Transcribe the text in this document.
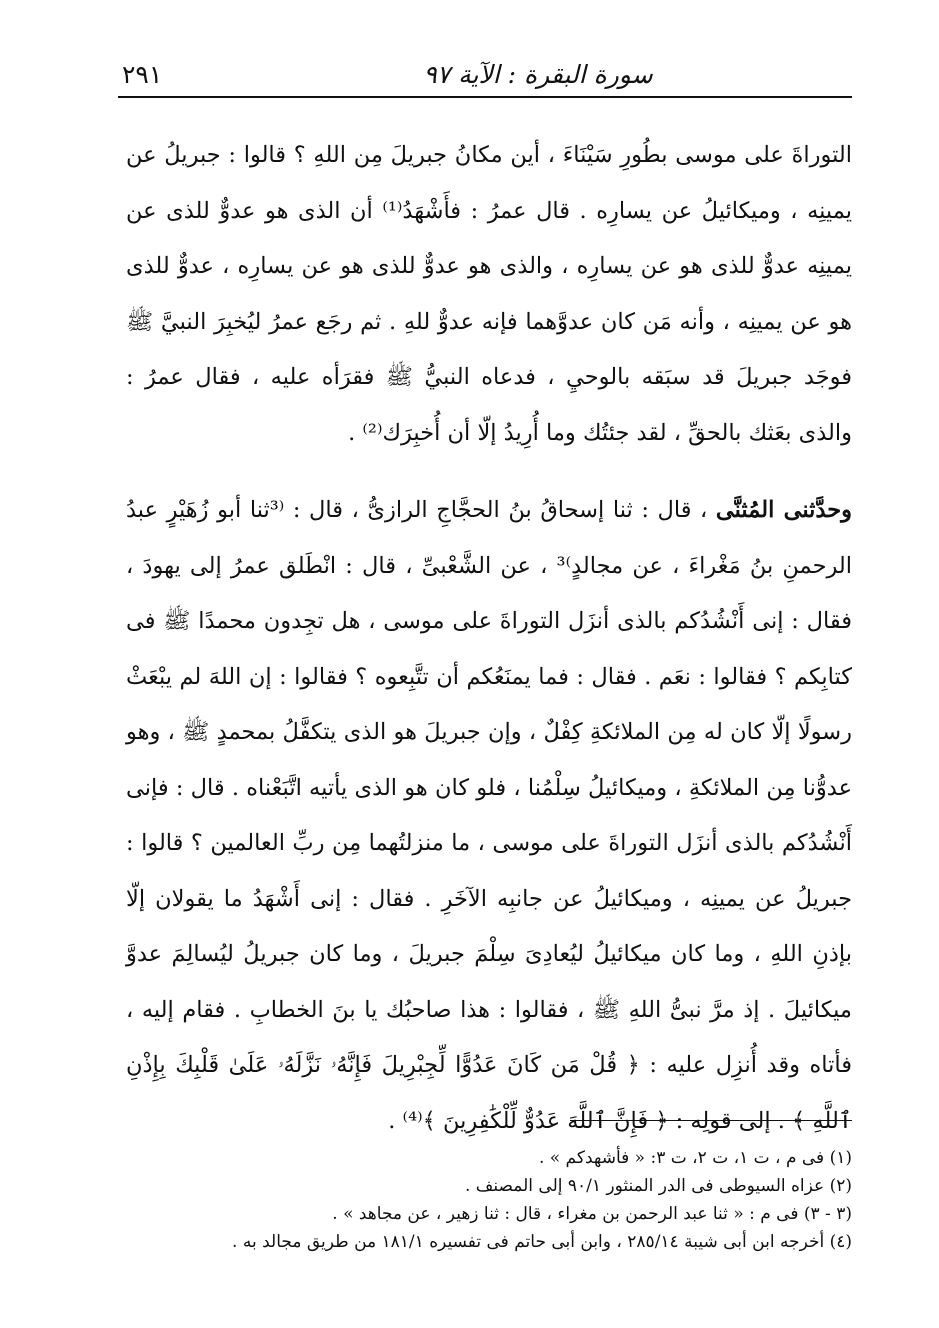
سورة البقرة : الآية ٩٧
٢٩١

التوراةَ على موسى بطُورِ سَيْنَاءَ ، أين مكانُ جبريلَ مِن اللهِ ؟ قالوا : جبريلُ عن يمينِه ، وميكائيلُ عن يسارِه . قال عمرُ : فأَشْهَدُ⁽¹⁾ أن الذى هو عدوٌّ للذى عن يمينِه عدوٌّ للذى هو عن يسارِه ، والذى هو عدوٌّ للذى هو عن يسارِه ، عدوٌّ للذى هو عن يمينِه ، وأنه مَن كان عدوَّهما فإنه عدوٌّ للهِ . ثم رجَع عمرُ ليُخبِرَ النبيَّ ﷺ فوجَد جبريلَ قد سبَقه بالوحيِ ، فدعاه النبيُّ ﷺ فقرَأه عليه ، فقال عمرُ : والذى بعَثك بالحقِّ ، لقد جئتُك وما أُرِيدُ إلّا أن أُخبِرَك⁽²⁾ .

وحدَّثنى المُثنَّى ، قال : ثنا إسحاقُ بنُ الحجَّاجِ الرازىُّ ، قال : ⁽³ثنا أبو زُهَيْرٍ عبدُ الرحمنِ بنُ مَغْراءَ ، عن مجالدٍ⁾³ ، عن الشَّعْبىِّ ، قال : انْطَلق عمرُ إلى يهودَ ، فقال : إنى أَنْشُدُكم بالذى أنزَل التوراةَ على موسى ، هل تجِدون محمدًا ﷺ فى كتابِكم ؟ فقالوا : نعَم . فقال : فما يمنَعُكم أن تتَّبِعوه ؟ فقالوا : إن اللهَ لم يبْعَثْ رسولًا إلّا كان له مِن الملائكةِ كِفْلٌ ، وإن جبريلَ هو الذى يتكفَّلُ بمحمدٍ ﷺ ، وهو عدوُّنا مِن الملائكةِ ، وميكائيلُ سِلْمُنا ، فلو كان هو الذى يأتيه اتَّبَعْناه . قال : فإنى أَنْشُدُكم بالذى أنزَل التوراةَ على موسى ، ما منزلتُهما مِن ربِّ العالمين ؟ قالوا : جبريلُ عن يمينِه ، وميكائيلُ عن جانبِه الآخَرِ . فقال : إنى أَشْهَدُ ما يقولان إلّا بإذنِ اللهِ ، وما كان ميكائيلُ ليُعادِىَ سِلْمَ جبريلَ ، وما كان جبريلُ ليُسالِمَ عدوَّ ميكائيلَ . إذ مرَّ نبىُّ اللهِ ﷺ ، فقالوا : هذا صاحبُك يا بنَ الخطابِ . فقام إليه ، فأتاه وقد أُنزِل عليه : ﴿ قُلْ مَن كَانَ عَدُوًّا لِّجِبْرِيلَ فَإِنَّهُۥ نَزَّلَهُۥ عَلَىٰ قَلْبِكَ بِإِذْنِ ٱللَّهِ ﴾ . إلى قولِه : ﴿ فَإِنَّ ٱللَّهَ عَدُوٌّ لِّلْكَٰفِرِينَ ﴾⁽⁴⁾ .

(١) فى م ، ت ١، ت ٢، ت ٣: « فأشهدكم » .

(٢) عزاه السيوطى فى الدر المنثور ٩٠/١ إلى المصنف .

(٣ - ٣) فى م : « ثنا عبد الرحمن بن مغراء ، قال : ثنا زهير ، عن مجاهد » .

(٤) أخرجه ابن أبى شيبة ٢٨٥/١٤ ، وابن أبى حاتم فى تفسيره ١٨١/١ من طريق مجالد به .
